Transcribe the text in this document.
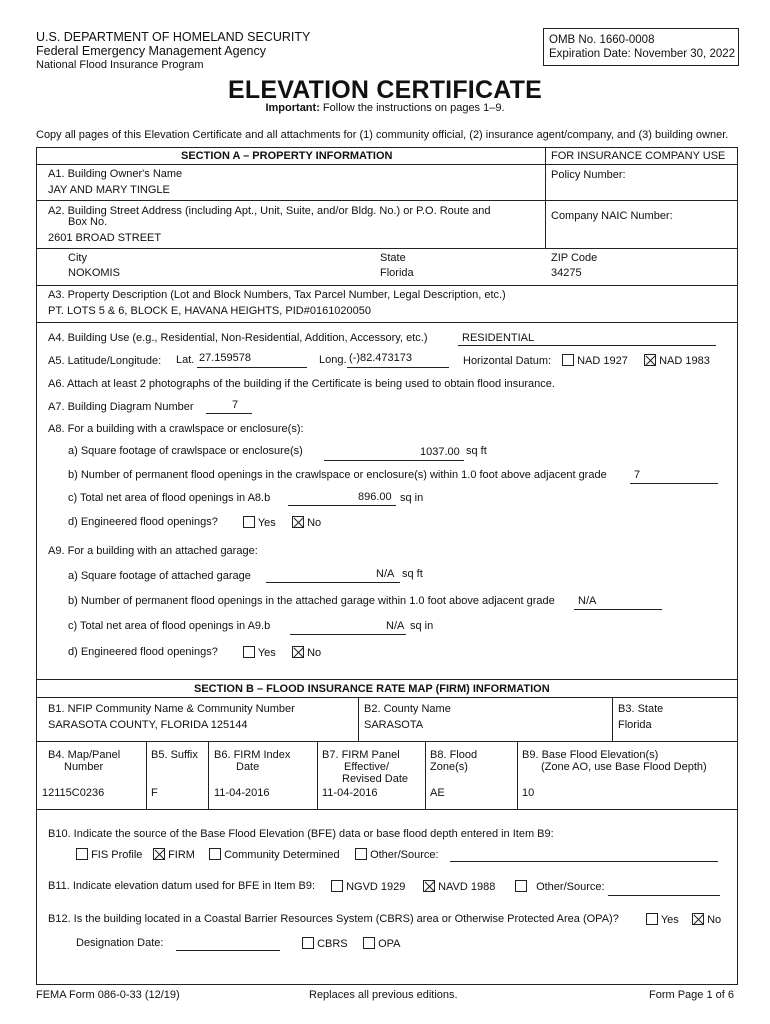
U.S. DEPARTMENT OF HOMELAND SECURITY
Federal Emergency Management Agency
National Flood Insurance Program
OMB No. 1660-0008
Expiration Date: November 30, 2022
ELEVATION CERTIFICATE
Important: Follow the instructions on pages 1–9.
Copy all pages of this Elevation Certificate and all attachments for (1) community official, (2) insurance agent/company, and (3) building owner.
SECTION A – PROPERTY INFORMATION	FOR INSURANCE COMPANY USE
Policy Number:
Company NAIC Number:
A1. Building Owner's Name
JAY AND MARY TINGLE
A2. Building Street Address (including Apt., Unit, Suite, and/or Bldg. No.) or P.O. Route and
Box No.
2601 BROAD STREET
City
NOKOMIS
State
Florida
ZIP Code
34275
A3. Property Description (Lot and Block Numbers, Tax Parcel Number, Legal Description, etc.)
PT. LOTS 5 & 6, BLOCK E, HAVANA HEIGHTS, PID#0161020050
A4. Building Use (e.g., Residential, Non-Residential, Addition, Accessory, etc.)	RESIDENTIAL
A5. Latitude/Longitude: Lat. 27.159578	Long. (-)82.473173	Horizontal Datum:	NAD 1927	NAD 1983
A6. Attach at least 2 photographs of the building if the Certificate is being used to obtain flood insurance.
A7. Building Diagram Number	7
A8. For a building with a crawlspace or enclosure(s):
a) Square footage of crawlspace or enclosure(s)	1037.00 sq ft
b) Number of permanent flood openings in the crawlspace or enclosure(s) within 1.0 foot above adjacent grade 7
c) Total net area of flood openings in A8.b	896.00 sq in
d) Engineered flood openings?	Yes	No
A9. For a building with an attached garage:
a) Square footage of attached garage	N/A sq ft
b) Number of permanent flood openings in the attached garage within 1.0 foot above adjacent grade N/A
c) Total net area of flood openings in A9.b	N/A sq in
d) Engineered flood openings?	Yes	No
SECTION B – FLOOD INSURANCE RATE MAP (FIRM) INFORMATION
B1. NFIP Community Name & Community Number
SARASOTA COUNTY, FLORIDA 125144
B2. County Name
SARASOTA
B3. State
Florida
B4. Map/Panel
Number
12115C0236
B5. Suffix
F
B6. FIRM Index
Date
11-04-2016
B7. FIRM Panel
Effective/
Revised Date
11-04-2016
B8. Flood
Zone(s)
AE
B9. Base Flood Elevation(s)
(Zone AO, use Base Flood Depth)
10
B10. Indicate the source of the Base Flood Elevation (BFE) data or base flood depth entered in Item B9:
FIS Profile	FIRM	Community Determined	Other/Source:
B11. Indicate elevation datum used for BFE in Item B9:	NGVD 1929	NAVD 1988	Other/Source:
B12. Is the building located in a Coastal Barrier Resources System (CBRS) area or Otherwise Protected Area (OPA)?	Yes	No
Designation Date:	CBRS	OPA
FEMA Form 086-0-33 (12/19)	Replaces all previous editions.	Form Page 1 of 6
